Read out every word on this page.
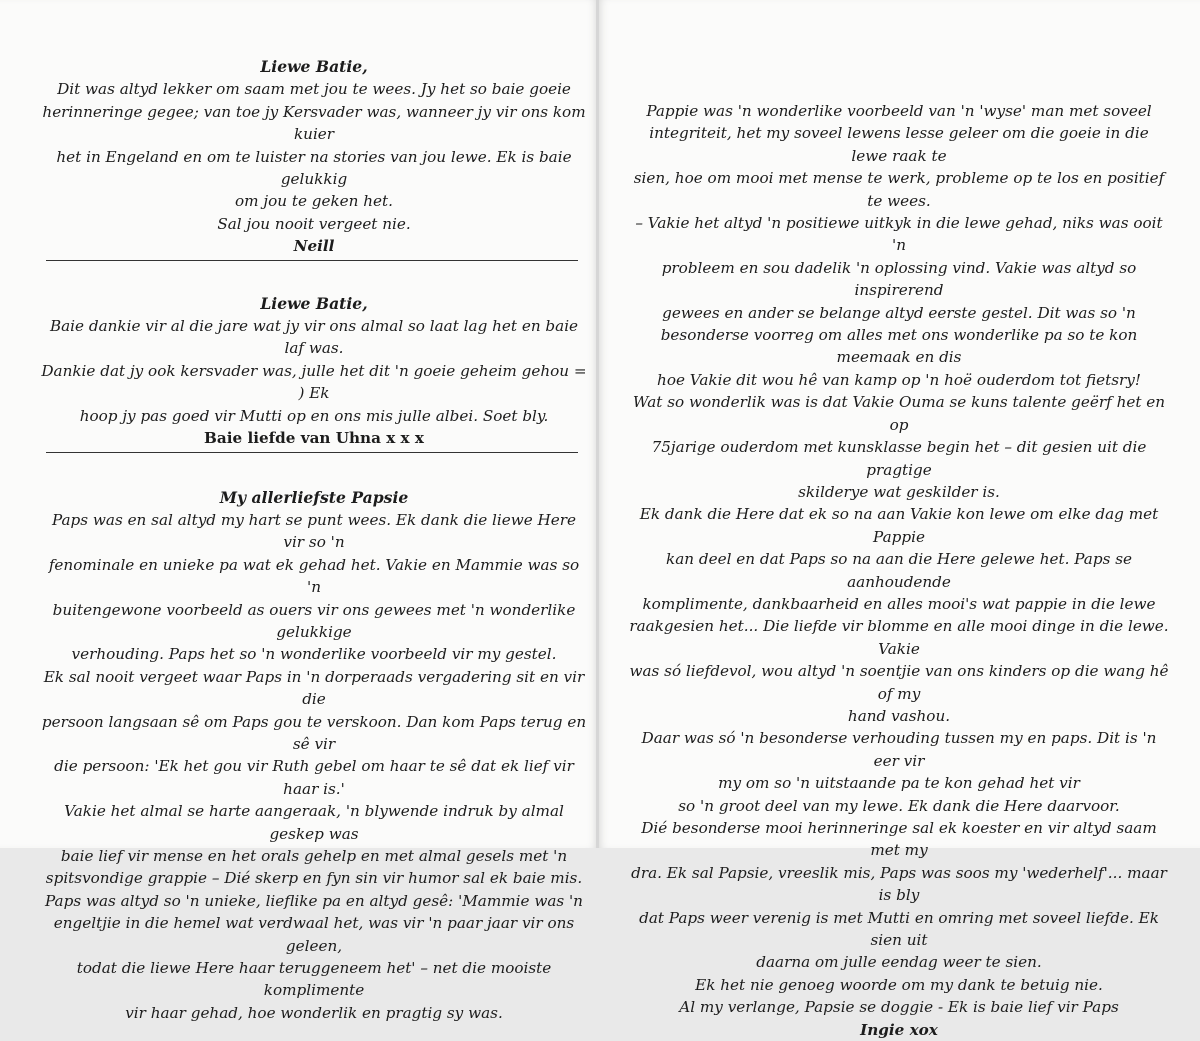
Liewe Batie,

Dit was altyd lekker om saam met jou te wees. Jy het so baie goeie

herinneringe gegee; van toe jy Kersvader was, wanneer jy vir ons kom kuier

het in Engeland en om te luister na stories van jou lewe. Ek is baie gelukkig

om jou te geken het.

Sal jou nooit vergeet nie.

Neill

Liewe Batie,

Baie dankie vir al die jare wat jy vir ons almal so laat lag het en baie laf was.

Dankie dat jy ook kersvader was, julle het dit 'n goeie geheim gehou = ) Ek

hoop jy pas goed vir Mutti op en ons mis julle albei. Soet bly.

Baie liefde van Uhna x x x

My allerliefste Papsie

Paps was en sal altyd my hart se punt wees. Ek dank die liewe Here vir so 'n

fenominale en unieke pa wat ek gehad het. Vakie en Mammie was so 'n

buitengewone voorbeeld as ouers vir ons gewees met 'n wonderlike gelukkige

verhouding. Paps het so 'n wonderlike voorbeeld vir my gestel.

Ek sal nooit vergeet waar Paps in 'n dorperaads vergadering sit en vir die

persoon langsaan sê om Paps gou te verskoon. Dan kom Paps terug en sê vir

die persoon: 'Ek het gou vir Ruth gebel om haar te sê dat ek lief vir haar is.'

Vakie het almal se harte aangeraak, 'n blywende indruk by almal geskep was

baie lief vir mense en het orals gehelp en met almal gesels met 'n

spitsvondige grappie – Dié skerp en fyn sin vir humor sal ek baie mis.

Paps was altyd so 'n unieke, lieflike pa en altyd gesê: 'Mammie was 'n

engeltjie in die hemel wat verdwaal het, was vir 'n paar jaar vir ons geleen,

todat die liewe Here haar teruggeneem het' – net die mooiste komplimente

vir haar gehad, hoe wonderlik en pragtig sy was.

Pappie was 'n wonderlike voorbeeld van 'n 'wyse' man met soveel

integriteit, het my soveel lewens lesse geleer om die goeie in die lewe raak te

sien, hoe om mooi met mense te werk, probleme op te los en positief te wees.

– Vakie het altyd 'n positiewe uitkyk in die lewe gehad, niks was ooit 'n

probleem en sou dadelik 'n oplossing vind. Vakie was altyd so inspirerend

gewees en ander se belange altyd eerste gestel. Dit was so 'n

besonderse voorreg om alles met ons wonderlike pa so te kon meemaak en dis

hoe Vakie dit wou hê van kamp op 'n hoë ouderdom tot fietsry!

Wat so wonderlik was is dat Vakie Ouma se kuns talente geërf het en op

75jarige ouderdom met kunsklasse begin het – dit gesien uit die pragtige

skilderye wat geskilder is.

Ek dank die Here dat ek so na aan Vakie kon lewe om elke dag met Pappie

kan deel en dat Paps so na aan die Here gelewe het. Paps se aanhoudende

komplimente, dankbaarheid en alles mooi's wat pappie in die lewe

raakgesien het... Die liefde vir blomme en alle mooi dinge in die lewe. Vakie

was só liefdevol, wou altyd 'n soentjie van ons kinders op die wang hê of my

hand vashou.

Daar was só 'n besonderse verhouding tussen my en paps. Dit is 'n eer vir

my om so 'n uitstaande pa te kon gehad het vir

so 'n groot deel van my lewe. Ek dank die Here daarvoor.

Dié besonderse mooi herinneringe sal ek koester en vir altyd saam met my

dra. Ek sal Papsie, vreeslik mis, Paps was soos my 'wederhelf'... maar is bly

dat Paps weer verenig is met Mutti en omring met soveel liefde. Ek sien uit

daarna om julle eendag weer te sien.

Ek het nie genoeg woorde om my dank te betuig nie.

Al my verlange, Papsie se doggie - Ek is baie lief vir Paps

Ingie xox
